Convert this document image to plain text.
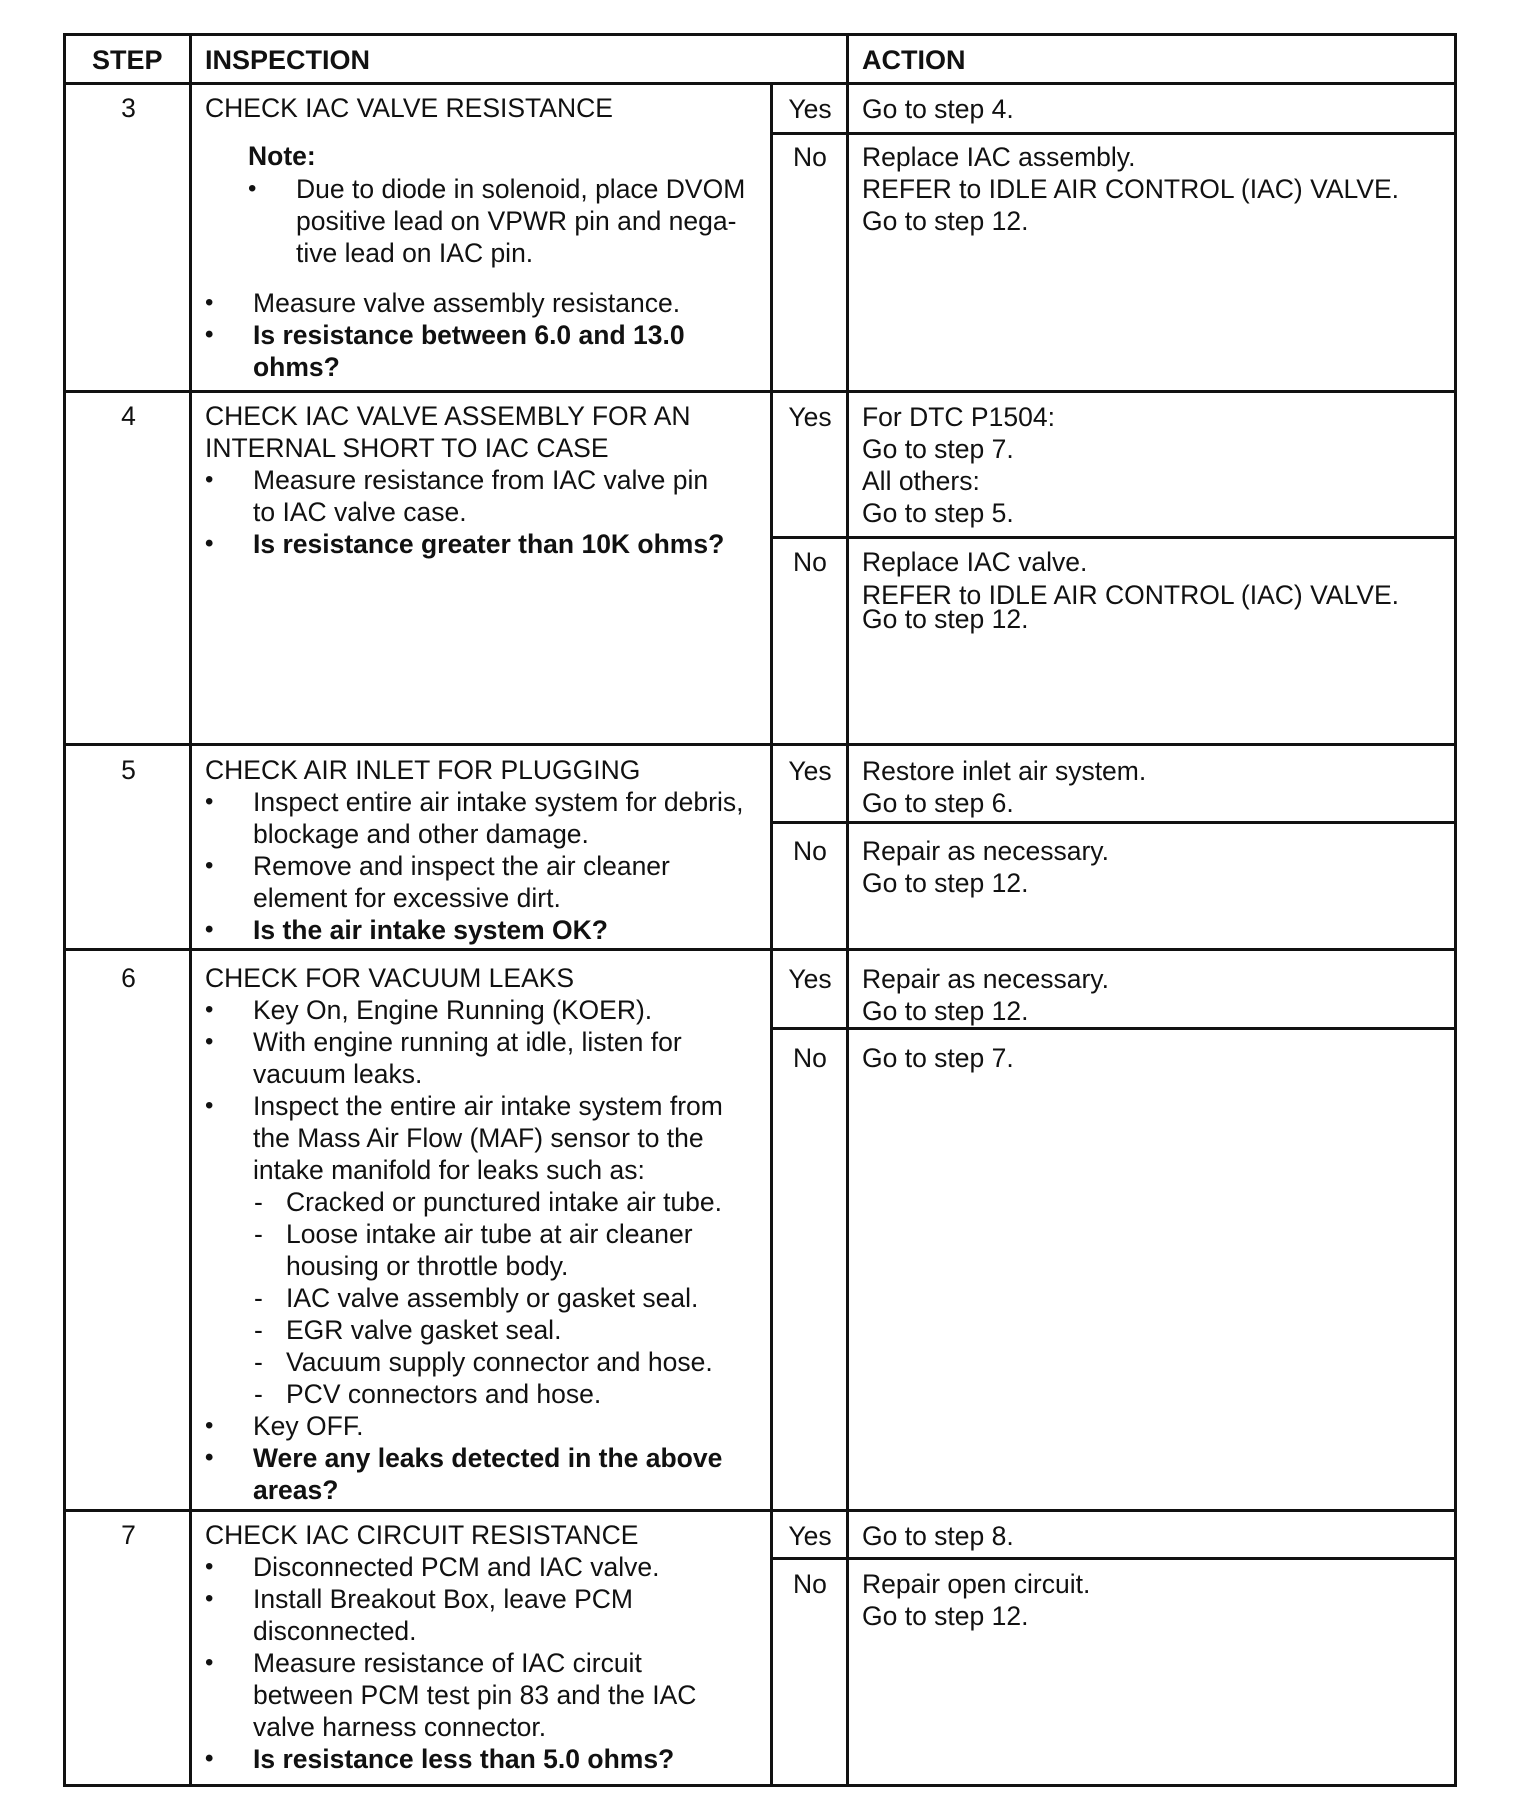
STEP INSPECTION	ACTION
3	CHECK IAC VALVE RESISTANCE
Note:
• Due to diode in solenoid, place DVOM
positive lead on VPWR pin and nega-
tive lead on IAC pin.
• Measure valve assembly resistance.
• Is resistance between 6.0 and 13.0
ohms?
Yes	Go to step 4.
No	Replace IAC assembly.
REFER to IDLE AIR CONTROL (IAC) VALVE.
Go to step 12.
4	CHECK IAC VALVE ASSEMBLY FOR AN
INTERNAL SHORT TO IAC CASE
• Measure resistance from IAC valve pin
to IAC valve case.
• Is resistance greater than 10K ohms?
Yes	For DTC P1504:
Go to step 7.
All others:
Go to step 5.
No	Replace IAC valve.
REFER to IDLE AIR CONTROL (IAC) VALVE.
Go to step 12.
5	CHECK AIR INLET FOR PLUGGING
• Inspect entire air intake system for debris,
blockage and other damage.
• Remove and inspect the air cleaner
element for excessive dirt.
• Is the air intake system OK?
Yes	Restore inlet air system.
Go to step 6.
No	Repair as necessary.
Go to step 12.
6	CHECK FOR VACUUM LEAKS
• Key On, Engine Running (KOER).
• With engine running at idle, listen for
vacuum leaks.
• Inspect the entire air intake system from
the Mass Air Flow (MAF) sensor to the
intake manifold for leaks such as:
- Cracked or punctured intake air tube.
- Loose intake air tube at air cleaner
housing or throttle body.
- IAC valve assembly or gasket seal.
- EGR valve gasket seal.
- Vacuum supply connector and hose.
- PCV connectors and hose.
• Key OFF.
• Were any leaks detected in the above
areas?
Yes	Repair as necessary.
Go to step 12.
No	Go to step 7.
7	CHECK IAC CIRCUIT RESISTANCE
• Disconnected PCM and IAC valve.
• Install Breakout Box, leave PCM
disconnected.
• Measure resistance of IAC circuit
between PCM test pin 83 and the IAC
valve harness connector.
• Is resistance less than 5.0 ohms?
Yes	Go to step 8.
No	Repair open circuit.
Go to step 12.
